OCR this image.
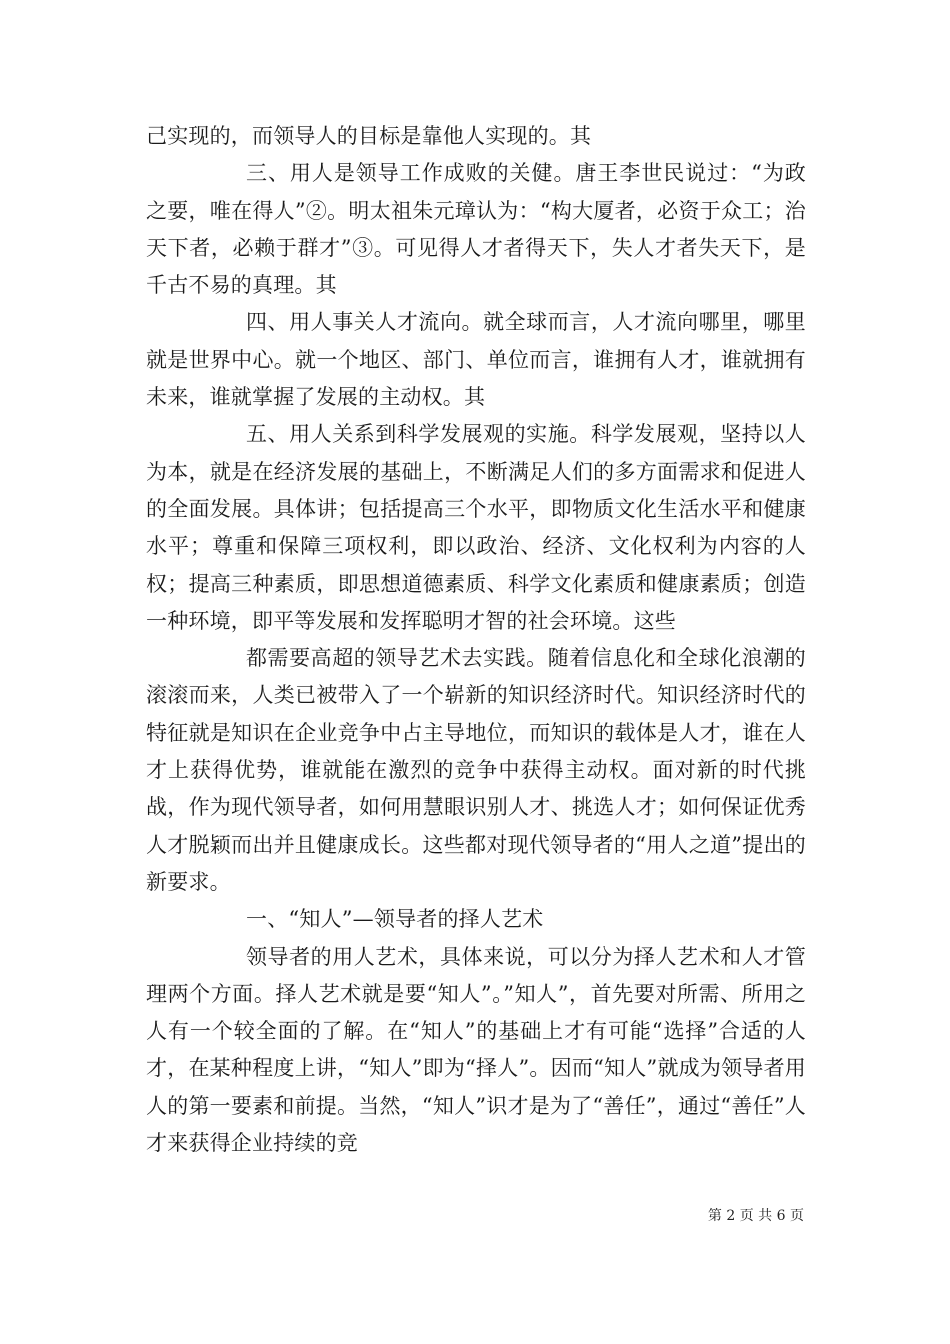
己实现的，而领导人的目标是靠他人实现的。其

三、用人是领导工作成败的关健。唐王李世民说过：“为政之要，唯在得人”②。明太祖朱元璋认为：“构大厦者，必资于众工；治天下者，必赖于群才”③。可见得人才者得天下，失人才者失天下，是千古不易的真理。其

四、用人事关人才流向。就全球而言，人才流向哪里，哪里就是世界中心。就一个地区、部门、单位而言，谁拥有人才，谁就拥有未来，谁就掌握了发展的主动权。其

五、用人关系到科学发展观的实施。科学发展观，坚持以人为本，就是在经济发展的基础上，不断满足人们的多方面需求和促进人的全面发展。具体讲；包括提高三个水平，即物质文化生活水平和健康水平；尊重和保障三项权利，即以政治、经济、文化权利为内容的人权；提高三种素质，即思想道德素质、科学文化素质和健康素质；创造一种环境，即平等发展和发挥聪明才智的社会环境。这些

都需要高超的领导艺术去实践。随着信息化和全球化浪潮的滚滚而来，人类已被带入了一个崭新的知识经济时代。知识经济时代的特征就是知识在企业竞争中占主导地位，而知识的载体是人才，谁在人才上获得优势，谁就能在激烈的竞争中获得主动权。面对新的时代挑战，作为现代领导者，如何用慧眼识别人才、挑选人才；如何保证优秀人才脱颖而出并且健康成长。这些都对现代领导者的“用人之道”提出的新要求。

一、“知人”—领导者的择人艺术

领导者的用人艺术，具体来说，可以分为择人艺术和人才管理两个方面。择人艺术就是要“知人”。”知人”，首先要对所需、所用之人有一个较全面的了解。在“知人”的基础上才有可能“选择”合适的人才，在某种程度上讲，“知人”即为“择人”。因而“知人”就成为领导者用人的第一要素和前提。当然，“知人”识才是为了“善任”，通过“善任”人才来获得企业持续的竞

第 2 页 共 6 页
